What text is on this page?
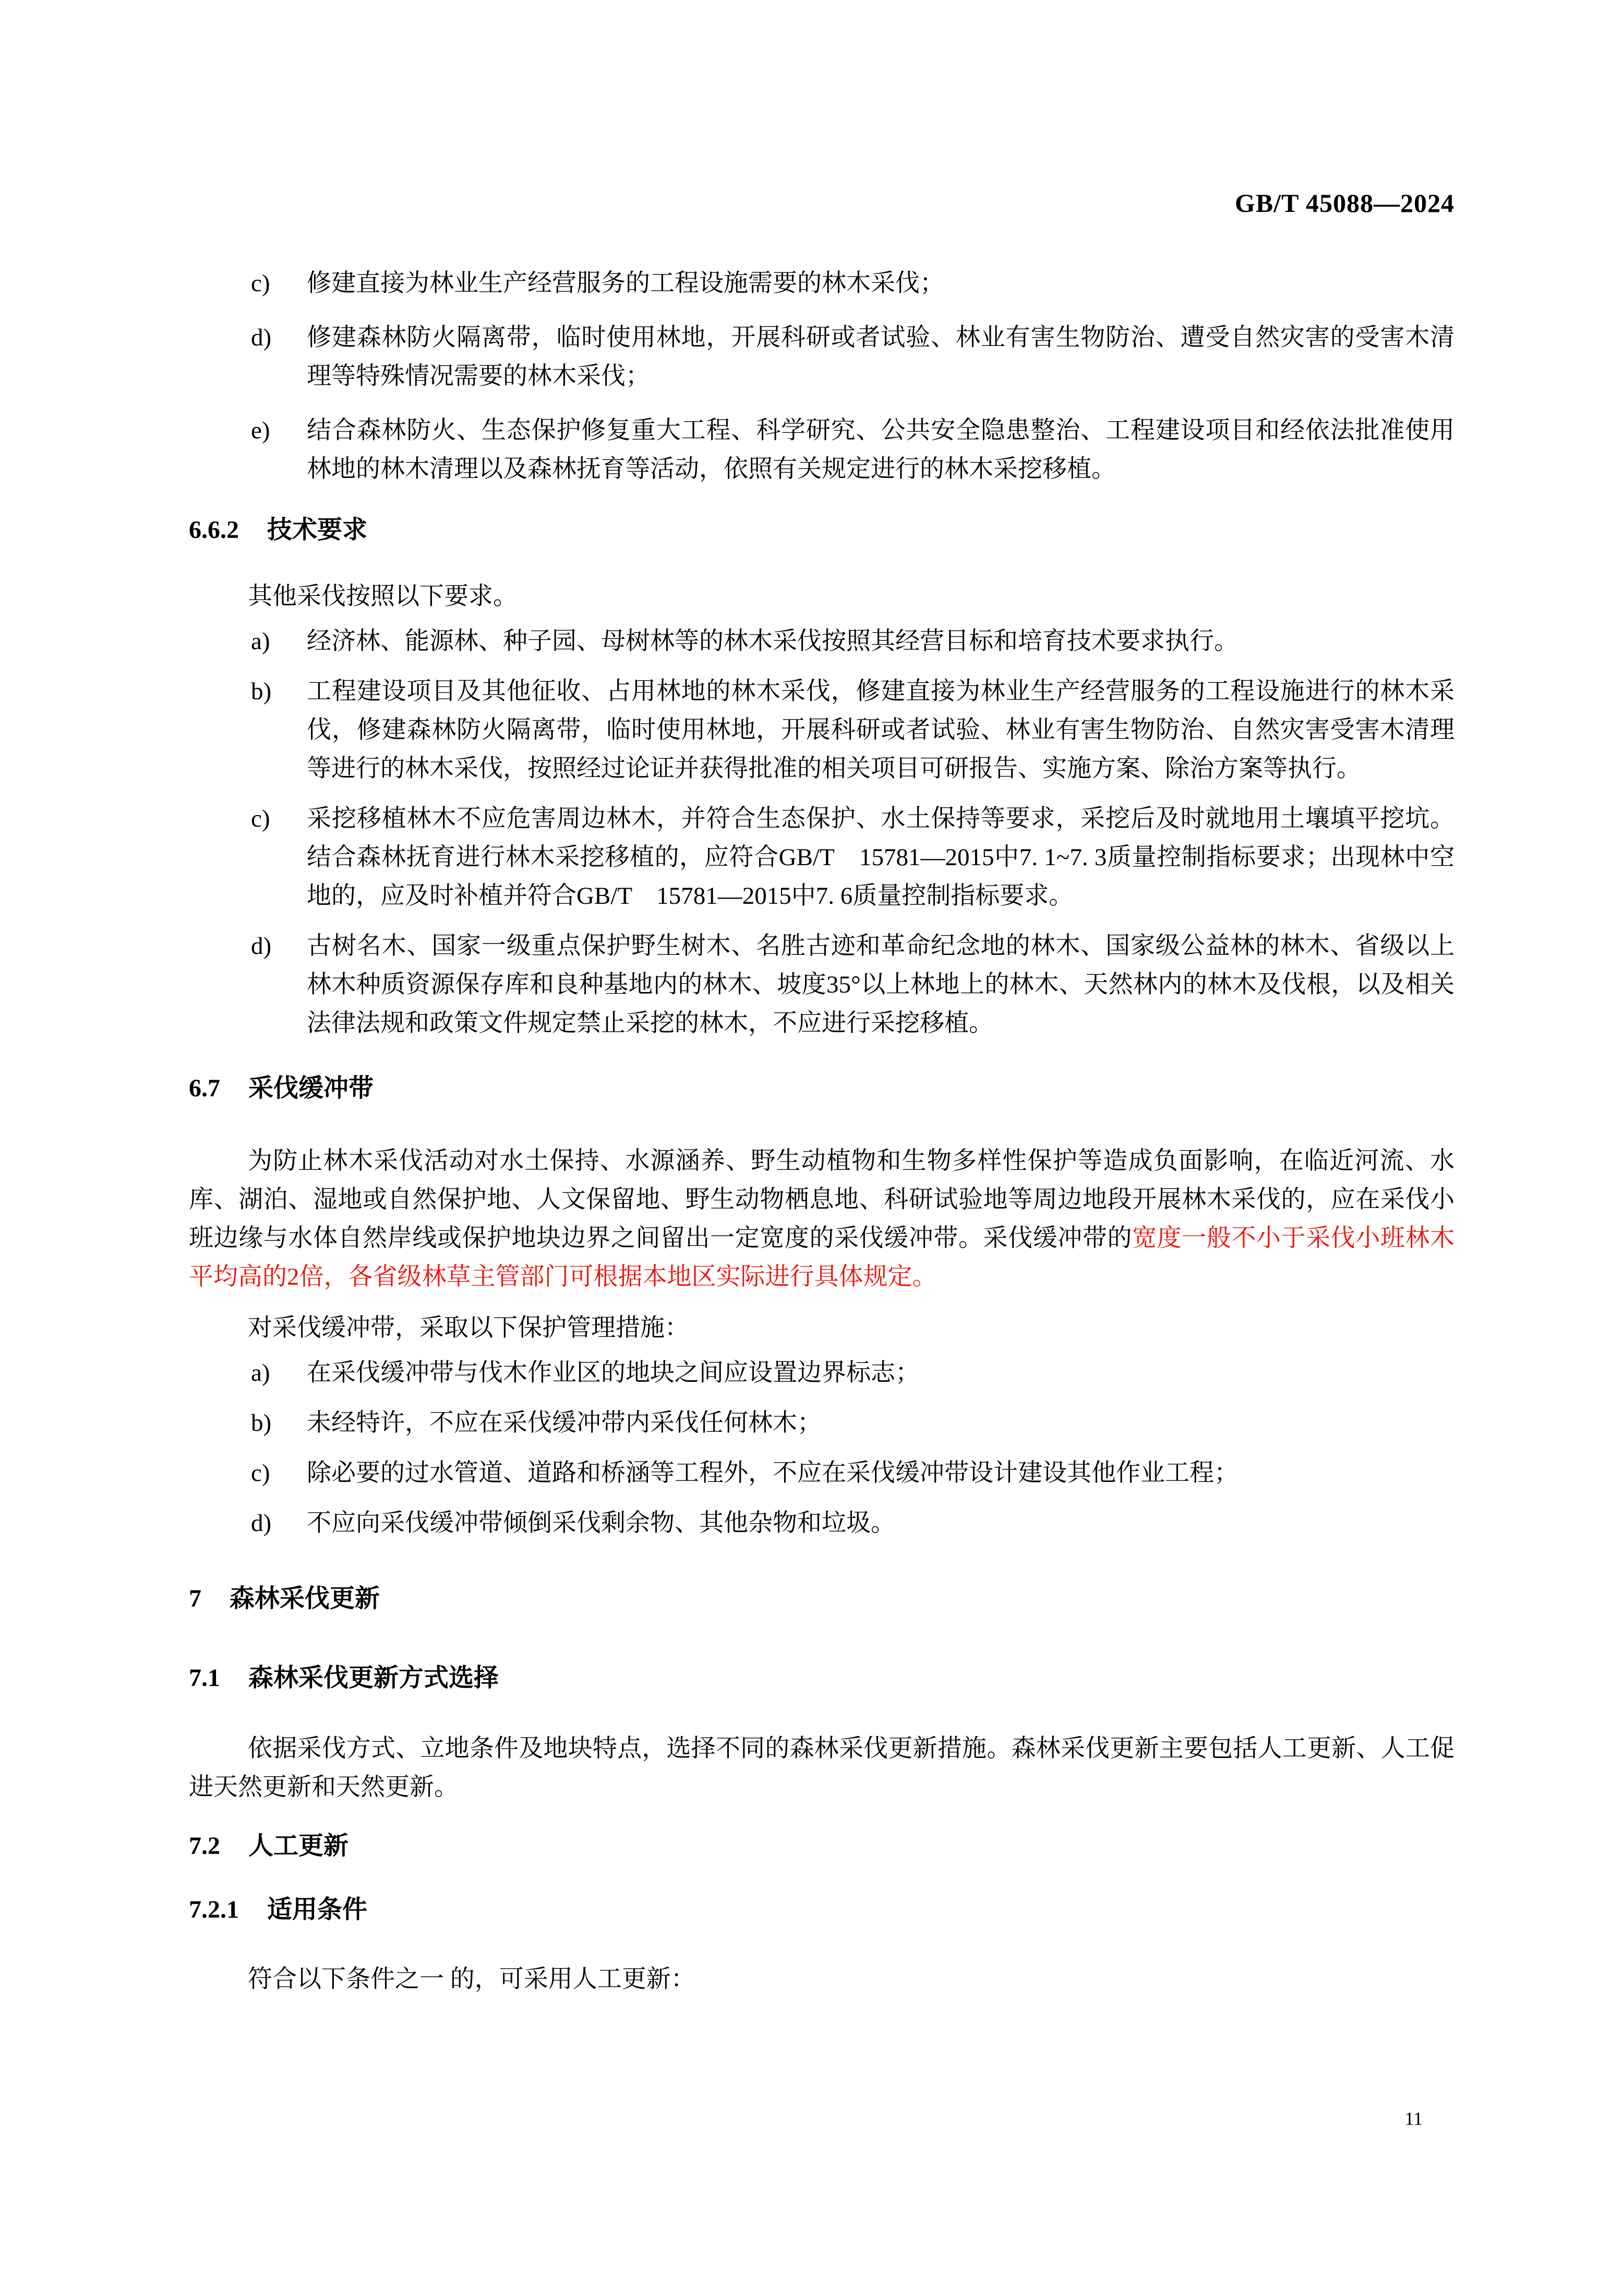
GB/T 45088—2024
c)	修建直接为林业生产经营服务的工程设施需要的林木采伐；
d)	修建森林防火隔离带，临时使用林地，开展科研或者试验、林业有害生物防治、遭受自然灾害的受害木清理等特殊情况需要的林木采伐；
e)	结合森林防火、生态保护修复重大工程、科学研究、公共安全隐患整治、工程建设项目和经依法批准使用林地的林木清理以及森林抚育等活动，依照有关规定进行的林木采挖移植。
6.6.2 技术要求

其他采伐按照以下要求。

a)	经济林、能源林、种子园、母树林等的林木采伐按照其经营目标和培育技术要求执行。
b)	工程建设项目及其他征收、占用林地的林木采伐，修建直接为林业生产经营服务的工程设施进行的林木采伐，修建森林防火隔离带，临时使用林地，开展科研或者试验、林业有害生物防治、自然灾害受害木清理等进行的林木采伐，按照经过论证并获得批准的相关项目可研报告、实施方案、除治方案等执行。
c)	采挖移植林木不应危害周边林木，并符合生态保护、水土保持等要求，采挖后及时就地用土壤填平挖坑。结合森林抚育进行林木采挖移植的，应符合GB/T　15781—2015中7. 1~7. 3质量控制指标要求；出现林中空地的，应及时补植并符合GB/T　15781—2015中7. 6质量控制指标要求。
d)	古树名木、国家一级重点保护野生树木、名胜古迹和革命纪念地的林木、国家级公益林的林木、省级以上林木种质资源保存库和良种基地内的林木、坡度35°以上林地上的林木、天然林内的林木及伐根，以及相关法律法规和政策文件规定禁止采挖的林木，不应进行采挖移植。
6.7 采伐缓冲带

为防止林木采伐活动对水土保持、水源涵养、野生动植物和生物多样性保护等造成负面影响，在临近河流、水库、湖泊、湿地或自然保护地、人文保留地、野生动物栖息地、科研试验地等周边地段开展林木采伐的，应在采伐小班边缘与水体自然岸线或保护地块边界之间留出一定宽度的采伐缓冲带。采伐缓冲带的宽度一般不小于采伐小班林木平均高的2倍，各省级林草主管部门可根据本地区实际进行具体规定。

对采伐缓冲带，采取以下保护管理措施：

a)	在采伐缓冲带与伐木作业区的地块之间应设置边界标志；
b)	未经特许，不应在采伐缓冲带内采伐任何林木；
c)	除必要的过水管道、道路和桥涵等工程外，不应在采伐缓冲带设计建设其他作业工程；
d)	不应向采伐缓冲带倾倒采伐剩余物、其他杂物和垃圾。
7 森林采伐更新
7.1 森林采伐更新方式选择

依据采伐方式、立地条件及地块特点，选择不同的森林采伐更新措施。森林采伐更新主要包括人工更新、人工促进天然更新和天然更新。

7.2 人工更新
7.2.1 适用条件

符合以下条件之一 的，可采用人工更新：

11
